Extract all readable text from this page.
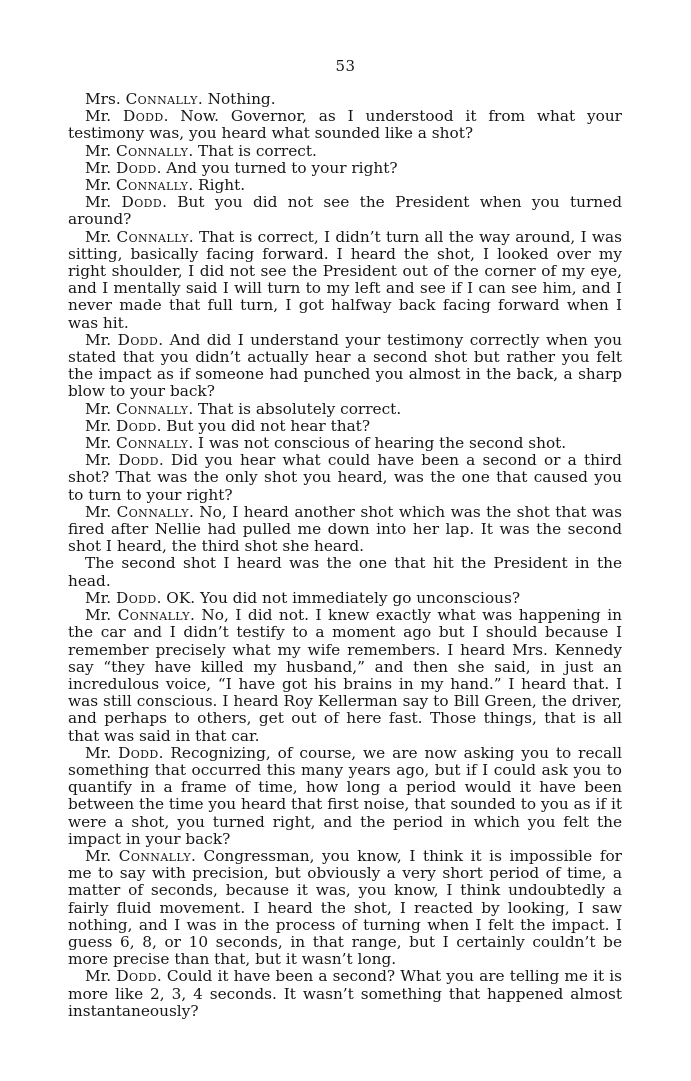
53

Mrs. Connally. Nothing.

Mr. Dodd. Now. Governor, as I understood it from what your testimony was, you heard what sounded like a shot?

Mr. Connally. That is correct.

Mr. Dodd. And you turned to your right?

Mr. Connally. Right.

Mr. Dodd. But you did not see the President when you turned around?

Mr. Connally. That is correct, I didn’t turn all the way around, I was sitting, basically facing forward. I heard the shot, I looked over my right shoulder, I did not see the President out of the corner of my eye, and I mentally said I will turn to my left and see if I can see him, and I never made that full turn, I got halfway back facing forward when I was hit.

Mr. Dodd. And did I understand your testimony correctly when you stated that you didn’t actually hear a second shot but rather you felt the impact as if someone had punched you almost in the back, a sharp blow to your back?

Mr. Connally. That is absolutely correct.

Mr. Dodd. But you did not hear that?

Mr. Connally. I was not conscious of hearing the second shot.

Mr. Dodd. Did you hear what could have been a second or a third shot? That was the only shot you heard, was the one that caused you to turn to your right?

Mr. Connally. No, I heard another shot which was the shot that was fired after Nellie had pulled me down into her lap. It was the second shot I heard, the third shot she heard.

The second shot I heard was the one that hit the President in the head.

Mr. Dodd. OK. You did not immediately go unconscious?

Mr. Connally. No, I did not. I knew exactly what was happening in the car and I didn’t testify to a moment ago but I should because I remember precisely what my wife remembers. I heard Mrs. Kennedy say “they have killed my husband,” and then she said, in just an incredulous voice, “I have got his brains in my hand.” I heard that. I was still conscious. I heard Roy Kellerman say to Bill Green, the driver, and perhaps to others, get out of here fast. Those things, that is all that was said in that car.

Mr. Dodd. Recognizing, of course, we are now asking you to recall something that occurred this many years ago, but if I could ask you to quantify in a frame of time, how long a period would it have been between the time you heard that first noise, that sounded to you as if it were a shot, you turned right, and the period in which you felt the impact in your back?

Mr. Connally. Congressman, you know, I think it is impossible for me to say with precision, but obviously a very short period of time, a matter of seconds, because it was, you know, I think undoubtedly a fairly fluid movement. I heard the shot, I reacted by looking, I saw nothing, and I was in the process of turning when I felt the impact. I guess 6, 8, or 10 seconds, in that range, but I certainly couldn’t be more precise than that, but it wasn’t long.

Mr. Dodd. Could it have been a second? What you are telling me it is more like 2, 3, 4 seconds. It wasn’t something that happened almost instantaneously?
